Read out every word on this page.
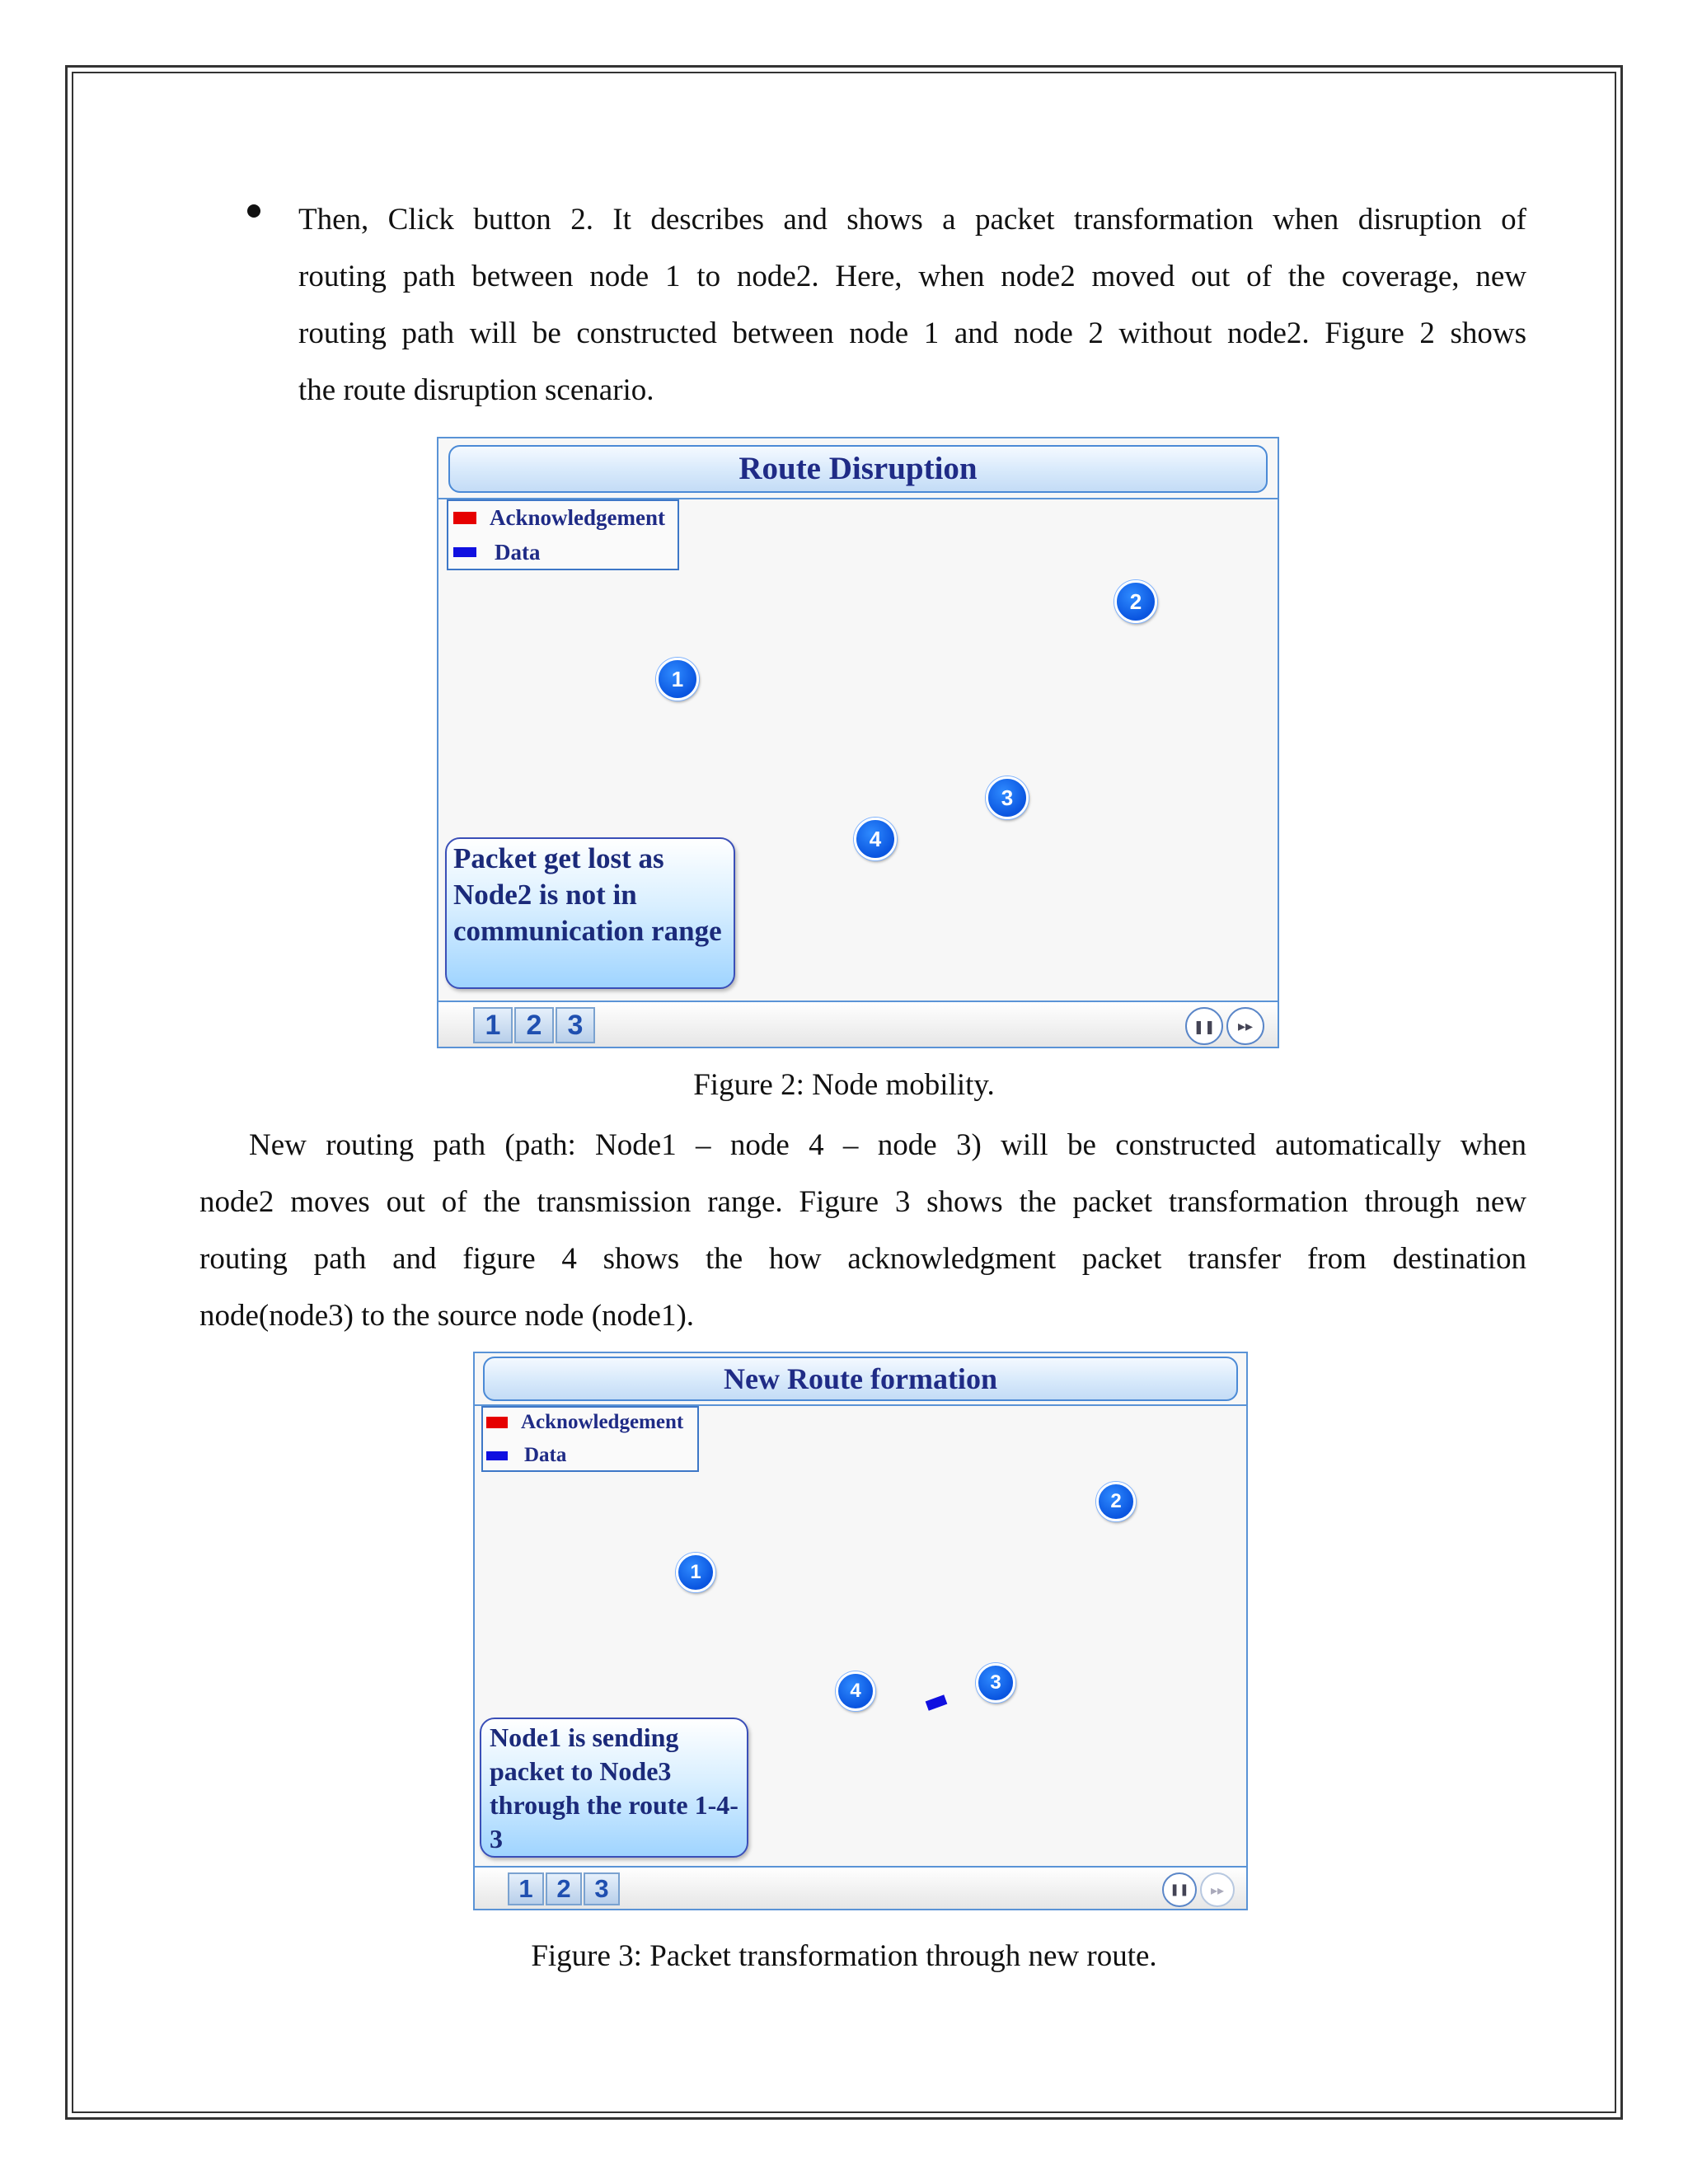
Then, Click button 2. It describes and shows a packet transformation when disruption of
routing path between node 1 to node2. Here, when node2 moved out of the coverage, new
routing path will be constructed between node 1 and node 2 without node2. Figure 2 shows
the route disruption scenario.
Route Disruption
Acknowledgement
Data
1
2
3
4
Packet get lost as Node2 is not in communication range
1 2 3	❚❚ ▸▸
Figure 2: Node mobility.
New routing path (path: Node1 – node 4 – node 3) will be constructed automatically when
node2 moves out of the transmission range. Figure 3 shows the packet transformation through new
routing path and figure 4 shows the how acknowledgment packet transfer from destination
node(node3) to the source node (node1).
New Route formation
Acknowledgement
Data
1
2
3
4
Node1 is sending packet to Node3 through the route 1-4-3
1 2 3	❚❚ ▸▸
Figure 3: Packet transformation through new route.
